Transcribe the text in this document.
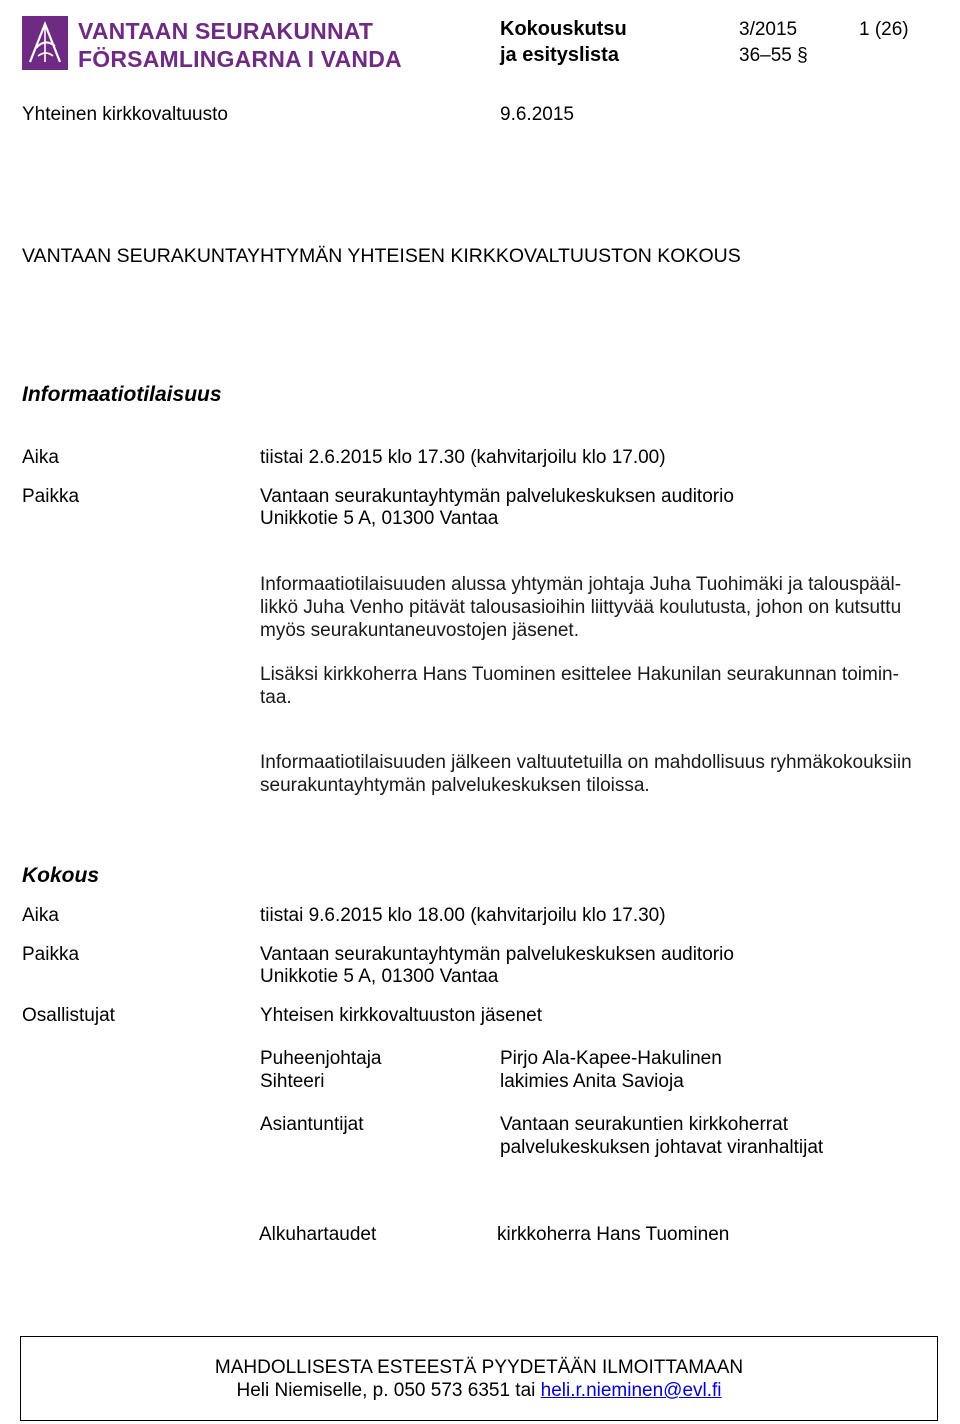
VANTAAN SEURAKUNNAT
FÖRSAMLINGARNA I VANDA
Kokouskutsu
ja esityslista
3/2015
36–55 §
1 (26)
Yhteinen kirkkovaltuusto	9.6.2015
VANTAAN SEURAKUNTAYHTYMÄN YHTEISEN KIRKKOVALTUUSTON KOKOUS
Informaatiotilaisuus
Aika	tiistai 2.6.2015 klo 17.30 (kahvitarjoilu klo 17.00)
Paikka	Vantaan seurakuntayhtymän palvelukeskuksen auditorio
Unikkotie 5 A, 01300 Vantaa
Informaatiotilaisuuden alussa yhtymän johtaja Juha Tuohimäki ja talouspääl-
likkö Juha Venho pitävät talousasioihin liittyvää koulutusta, johon on kutsuttu
myös seurakuntaneuvostojen jäsenet.
Lisäksi kirkkoherra Hans Tuominen esittelee Hakunilan seurakunnan toimin-
taa.
Informaatiotilaisuuden jälkeen valtuutetuilla on mahdollisuus ryhmäkokouksiin
seurakuntayhtymän palvelukeskuksen tiloissa.
Kokous
Aika	tiistai 9.6.2015 klo 18.00 (kahvitarjoilu klo 17.30)
Paikka	Vantaan seurakuntayhtymän palvelukeskuksen auditorio
Unikkotie 5 A, 01300 Vantaa
Osallistujat	Yhteisen kirkkovaltuuston jäsenet
Puheenjohtaja	Pirjo Ala-Kapee-Hakulinen
Sihteeri	lakimies Anita Savioja
Asiantuntijat	Vantaan seurakuntien kirkkoherrat
palvelukeskuksen johtavat viranhaltijat
Alkuhartaudet	kirkkoherra Hans Tuominen
MAHDOLLISESTA ESTEESTÄ PYYDETÄÄN ILMOITTAMAAN
Heli Niemiselle, p. 050 573 6351 tai heli.r.nieminen@evl.fi
